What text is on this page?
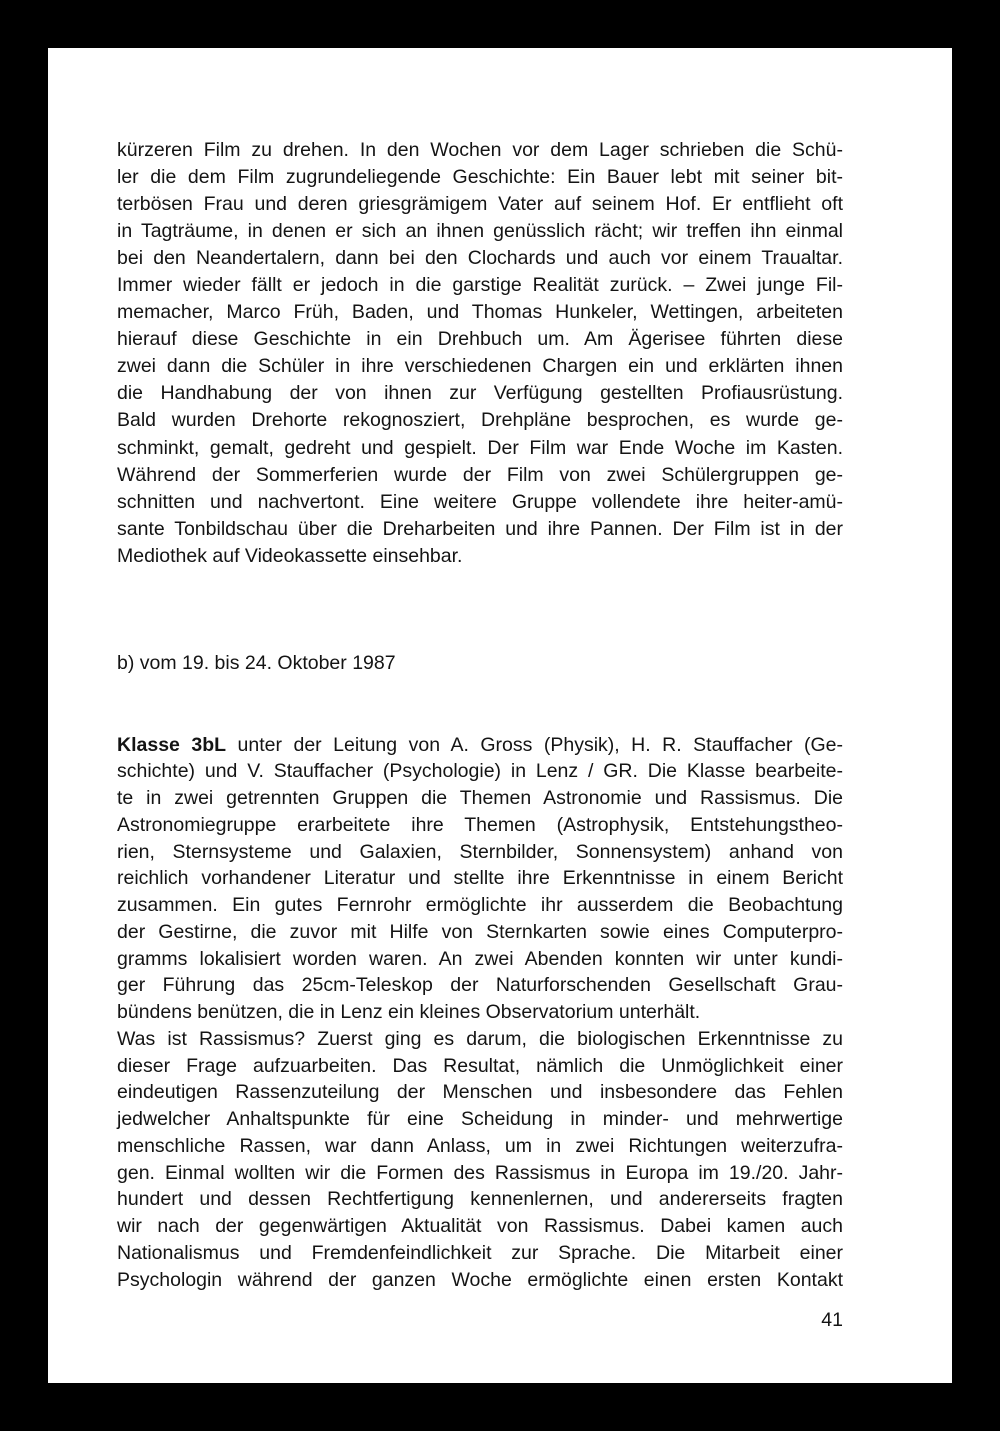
kürzeren Film zu drehen. In den Wochen vor dem Lager schrieben die Schü-
ler die dem Film zugrundeliegende Geschichte: Ein Bauer lebt mit seiner bit-
terbösen Frau und deren griesgrämigem Vater auf seinem Hof. Er entflieht oft
in Tagträume, in denen er sich an ihnen genüsslich rächt; wir treffen ihn einmal
bei den Neandertalern, dann bei den Clochards und auch vor einem Traualtar.
Immer wieder fällt er jedoch in die garstige Realität zurück. – Zwei junge Fil-
memacher, Marco Früh, Baden, und Thomas Hunkeler, Wettingen, arbeiteten
hierauf diese Geschichte in ein Drehbuch um. Am Ägerisee führten diese
zwei dann die Schüler in ihre verschiedenen Chargen ein und erklärten ihnen
die Handhabung der von ihnen zur Verfügung gestellten Profiausrüstung.
Bald wurden Drehorte rekognosziert, Drehpläne besprochen, es wurde ge-
schminkt, gemalt, gedreht und gespielt. Der Film war Ende Woche im Kasten.
Während der Sommerferien wurde der Film von zwei Schülergruppen ge-
schnitten und nachvertont. Eine weitere Gruppe vollendete ihre heiter-amü-
sante Tonbildschau über die Dreharbeiten und ihre Pannen. Der Film ist in der
Mediothek auf Videokassette einsehbar.
b) vom 19. bis 24. Oktober 1987
Klasse 3bL unter der Leitung von A. Gross (Physik), H. R. Stauffacher (Ge-
schichte) und V. Stauffacher (Psychologie) in Lenz / GR. Die Klasse bearbeite-
te in zwei getrennten Gruppen die Themen Astronomie und Rassismus. Die
Astronomiegruppe erarbeitete ihre Themen (Astrophysik, Entstehungstheo-
rien, Sternsysteme und Galaxien, Sternbilder, Sonnensystem) anhand von
reichlich vorhandener Literatur und stellte ihre Erkenntnisse in einem Bericht
zusammen. Ein gutes Fernrohr ermöglichte ihr ausserdem die Beobachtung
der Gestirne, die zuvor mit Hilfe von Sternkarten sowie eines Computerpro-
gramms lokalisiert worden waren. An zwei Abenden konnten wir unter kundi-
ger Führung das 25cm-Teleskop der Naturforschenden Gesellschaft Grau-
bündens benützen, die in Lenz ein kleines Observatorium unterhält.
Was ist Rassismus? Zuerst ging es darum, die biologischen Erkenntnisse zu
dieser Frage aufzuarbeiten. Das Resultat, nämlich die Unmöglichkeit einer
eindeutigen Rassenzuteilung der Menschen und insbesondere das Fehlen
jedwelcher Anhaltspunkte für eine Scheidung in minder- und mehrwertige
menschliche Rassen, war dann Anlass, um in zwei Richtungen weiterzufra-
gen. Einmal wollten wir die Formen des Rassismus in Europa im 19./20. Jahr-
hundert und dessen Rechtfertigung kennenlernen, und andererseits fragten
wir nach der gegenwärtigen Aktualität von Rassismus. Dabei kamen auch
Nationalismus und Fremdenfeindlichkeit zur Sprache. Die Mitarbeit einer
Psychologin während der ganzen Woche ermöglichte einen ersten Kontakt
41
